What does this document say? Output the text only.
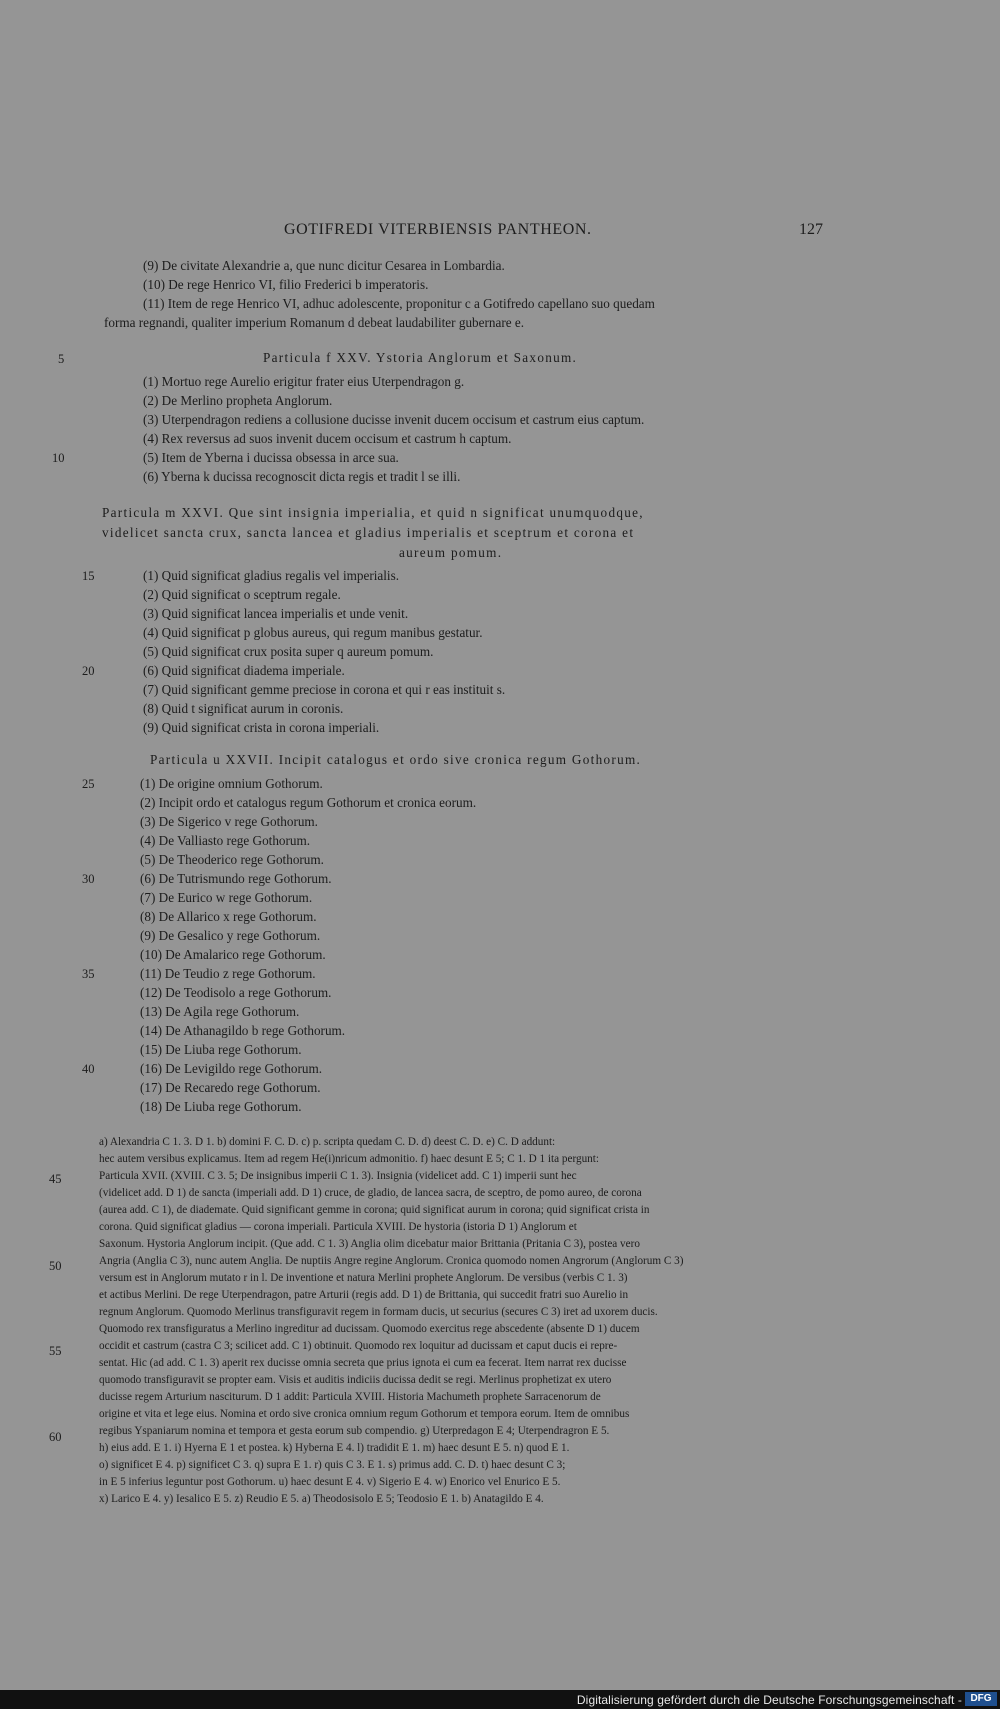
GOTIFREDI VITERBIENSIS PANTHEON.	127
(9) De civitate Alexandrie a, que nunc dicitur Cesarea in Lombardia.
(10) De rege Henrico VI, filio Frederici b imperatoris.
(11) Item de rege Henrico VI, adhuc adolescente, proponitur c a Gotifredo capellano suo quedam
forma regnandi, qualiter imperium Romanum d debeat laudabiliter gubernare e.
Particula f XXV. Ystoria Anglorum et Saxonum.
(1) Mortuo rege Aurelio erigitur frater eius Uterpendragon g.
(2) De Merlino propheta Anglorum.
(3) Uterpendragon rediens a collusione ducisse invenit ducem occisum et castrum eius captum.
(4) Rex reversus ad suos invenit ducem occisum et castrum h captum.
(5) Item de Yberna i ducissa obsessa in arce sua.
(6) Yberna k ducissa recognoscit dicta regis et tradit l se illi.
Particula m XXVI. Que sint insignia imperialia, et quid n significat unumquodque,
videlicet sancta crux, sancta lancea et gladius imperialis et sceptrum et corona et
aureum pomum.
(1) Quid significat gladius regalis vel imperialis.
(2) Quid significat o sceptrum regale.
(3) Quid significat lancea imperialis et unde venit.
(4) Quid significat p globus aureus, qui regum manibus gestatur.
(5) Quid significat crux posita super q aureum pomum.
(6) Quid significat diadema imperiale.
(7) Quid significant gemme preciose in corona et qui r eas instituit s.
(8) Quid t significat aurum in coronis.
(9) Quid significat crista in corona imperiali.
Particula u XXVII. Incipit catalogus et ordo sive cronica regum Gothorum.
(1) De origine omnium Gothorum.
(2) Incipit ordo et catalogus regum Gothorum et cronica eorum.
(3) De Sigerico v rege Gothorum.
(4) De Valliasto rege Gothorum.
(5) De Theoderico rege Gothorum.
(6) De Tutrismundo rege Gothorum.
(7) De Eurico w rege Gothorum.
(8) De Allarico x rege Gothorum.
(9) De Gesalico y rege Gothorum.
(10) De Amalarico rege Gothorum.
(11) De Teudio z rege Gothorum.
(12) De Teodisolo a rege Gothorum.
(13) De Agila rege Gothorum.
(14) De Athanagildo b rege Gothorum.
(15) De Liuba rege Gothorum.
(16) De Levigildo rege Gothorum.
(17) De Recaredo rege Gothorum.
(18) De Liuba rege Gothorum.
5
10
15
20
25
30
35
40
45
50
55
60
a) Alexandria C 1. 3. D 1. b) domini F. C. D. c) p. scripta quedam C. D. d) deest C. D. e) C. D addunt:
hec autem versibus explicamus. Item ad regem He(i)nricum admonitio. f) haec desunt E 5; C 1. D 1 ita pergunt:
Particula XVII. (XVIII. C 3. 5; De insignibus imperii C 1. 3). Insignia (videlicet add. C 1) imperii sunt hec
(videlicet add. D 1) de sancta (imperiali add. D 1) cruce, de gladio, de lancea sacra, de sceptro, de pomo aureo, de corona
(aurea add. C 1), de diademate. Quid significant gemme in corona; quid significat aurum in corona; quid significat crista in
corona. Quid significat gladius — corona imperiali. Particula XVIII. De hystoria (istoria D 1) Anglorum et
Saxonum. Hystoria Anglorum incipit. (Que add. C 1. 3) Anglia olim dicebatur maior Brittania (Pritania C 3), postea vero
Angria (Anglia C 3), nunc autem Anglia. De nuptiis Angre regine Anglorum. Cronica quomodo nomen Angrorum (Anglorum C 3)
versum est in Anglorum mutato r in l. De inventione et natura Merlini prophete Anglorum. De versibus (verbis C 1. 3)
et actibus Merlini. De rege Uterpendragon, patre Arturii (regis add. D 1) de Brittania, qui succedit fratri suo Aurelio in
regnum Anglorum. Quomodo Merlinus transfiguravit regem in formam ducis, ut securius (secures C 3) iret ad uxorem ducis.
Quomodo rex transfiguratus a Merlino ingreditur ad ducissam. Quomodo exercitus rege abscedente (absente D 1) ducem
occidit et castrum (castra C 3; scilicet add. C 1) obtinuit. Quomodo rex loquitur ad ducissam et caput ducis ei repre-
sentat. Hic (ad add. C 1. 3) aperit rex ducisse omnia secreta que prius ignota ei cum ea fecerat. Item narrat rex ducisse
quomodo transfiguravit se propter eam. Visis et auditis indiciis ducissa dedit se regi. Merlinus prophetizat ex utero
ducisse regem Arturium nasciturum. D 1 addit: Particula XVIII. Historia Machumeth prophete Sarracenorum de
origine et vita et lege eius. Nomina et ordo sive cronica omnium regum Gothorum et tempora eorum. Item de omnibus
regibus Yspaniarum nomina et tempora et gesta eorum sub compendio. g) Uterpredagon E 4; Uterpendragron E 5.
h) eius add. E 1. i) Hyerna E 1 et postea. k) Hyberna E 4. l) tradidit E 1. m) haec desunt E 5. n) quod E 1.
o) significet E 4. p) significet C 3. q) supra E 1. r) quis C 3. E 1. s) primus add. C. D. t) haec desunt C 3;
in E 5 inferius leguntur post Gothorum. u) haec desunt E 4. v) Sigerio E 4. w) Enorico vel Enurico E 5.
x) Larico E 4. y) Iesalico E 5. z) Reudio E 5. a) Theodosisolo E 5; Teodosio E 1. b) Anatagildo E 4.
Digitalisierung gefördert durch die Deutsche Forschungsgemeinschaft - DFG
